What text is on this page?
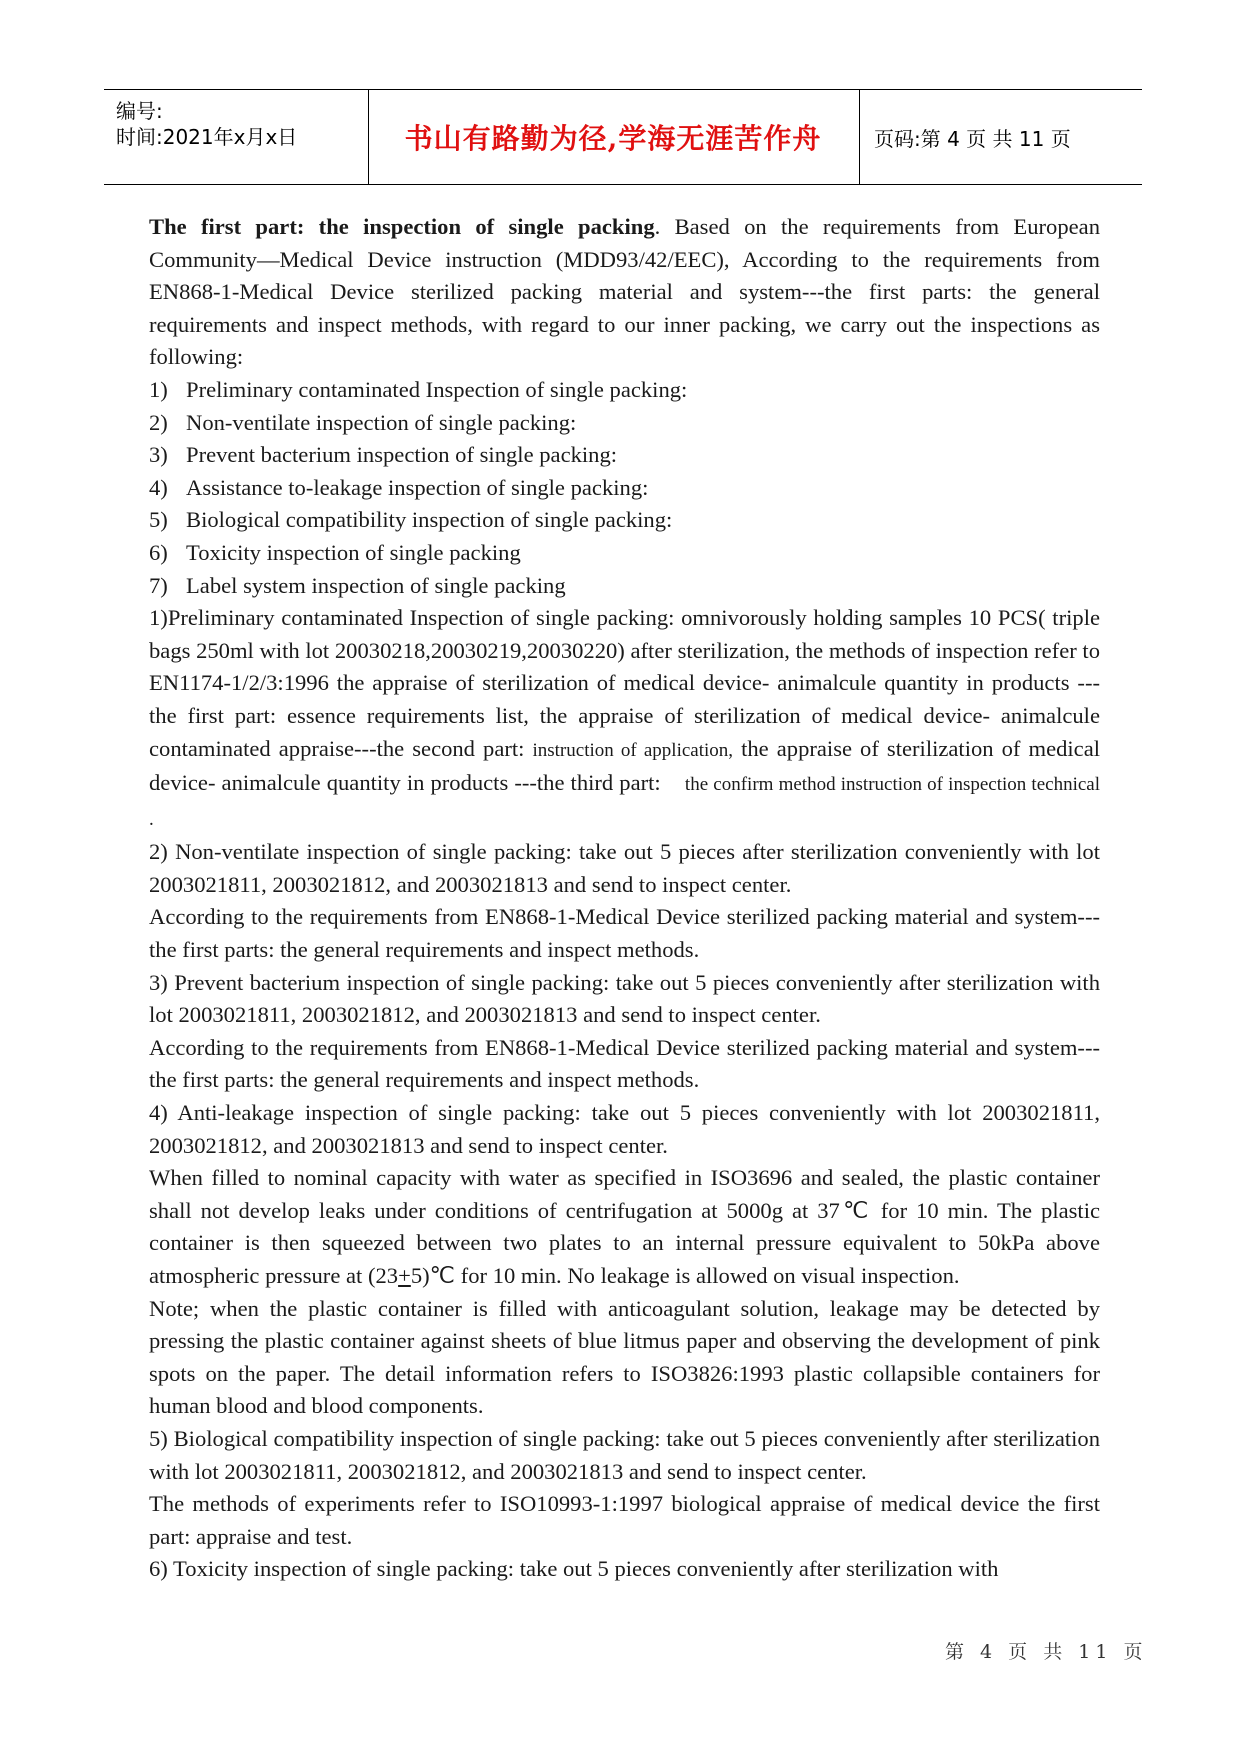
编号:
时间:2021年x月x日	书山有路勤为径,学海无涯苦作舟	页码:第 4 页 共 11 页

The first part: the inspection of single packing. Based on the requirements from European Community—Medical Device instruction (MDD93/42/EEC), According to the requirements from EN868-1-Medical Device sterilized packing material and system---the first parts: the general requirements and inspect methods, with regard to our inner packing, we carry out the inspections as following:

1) Preliminary contaminated Inspection of single packing:

2) Non-ventilate inspection of single packing:

3) Prevent bacterium inspection of single packing:

4) Assistance to-leakage inspection of single packing:

5) Biological compatibility inspection of single packing:

6) Toxicity inspection of single packing

7) Label system inspection of single packing

1)Preliminary contaminated Inspection of single packing: omnivorously holding samples 10 PCS( triple bags 250ml with lot 20030218,20030219,20030220) after sterilization, the methods of inspection refer to EN1174-1/2/3:1996 the appraise of sterilization of medical device- animalcule quantity in products ---the first part: essence requirements list, the appraise of sterilization of medical device- animalcule contaminated appraise---the second part: instruction of application, the appraise of sterilization of medical device- animalcule quantity in products ---the third part: the confirm method instruction of inspection technical .

2) Non-ventilate inspection of single packing: take out 5 pieces after sterilization conveniently with lot 2003021811, 2003021812, and 2003021813 and send to inspect center.

According to the requirements from EN868-1-Medical Device sterilized packing material and system---the first parts: the general requirements and inspect methods.

3) Prevent bacterium inspection of single packing: take out 5 pieces conveniently after sterilization with lot 2003021811, 2003021812, and 2003021813 and send to inspect center.

According to the requirements from EN868-1-Medical Device sterilized packing material and system---the first parts: the general requirements and inspect methods.

4) Anti-leakage inspection of single packing: take out 5 pieces conveniently with lot 2003021811, 2003021812, and 2003021813 and send to inspect center.

When filled to nominal capacity with water as specified in ISO3696 and sealed, the plastic container shall not develop leaks under conditions of centrifugation at 5000g at 37℃ for 10 min. The plastic container is then squeezed between two plates to an internal pressure equivalent to 50kPa above atmospheric pressure at (23+5)℃ for 10 min. No leakage is allowed on visual inspection.

Note; when the plastic container is filled with anticoagulant solution, leakage may be detected by pressing the plastic container against sheets of blue litmus paper and observing the development of pink spots on the paper. The detail information refers to ISO3826:1993 plastic collapsible containers for human blood and blood components.

5) Biological compatibility inspection of single packing: take out 5 pieces conveniently after sterilization with lot 2003021811, 2003021812, and 2003021813 and send to inspect center.

The methods of experiments refer to ISO10993-1:1997 biological appraise of medical device the first part: appraise and test.

6) Toxicity inspection of single packing: take out 5 pieces conveniently after sterilization with

第 4 页 共 11 页
